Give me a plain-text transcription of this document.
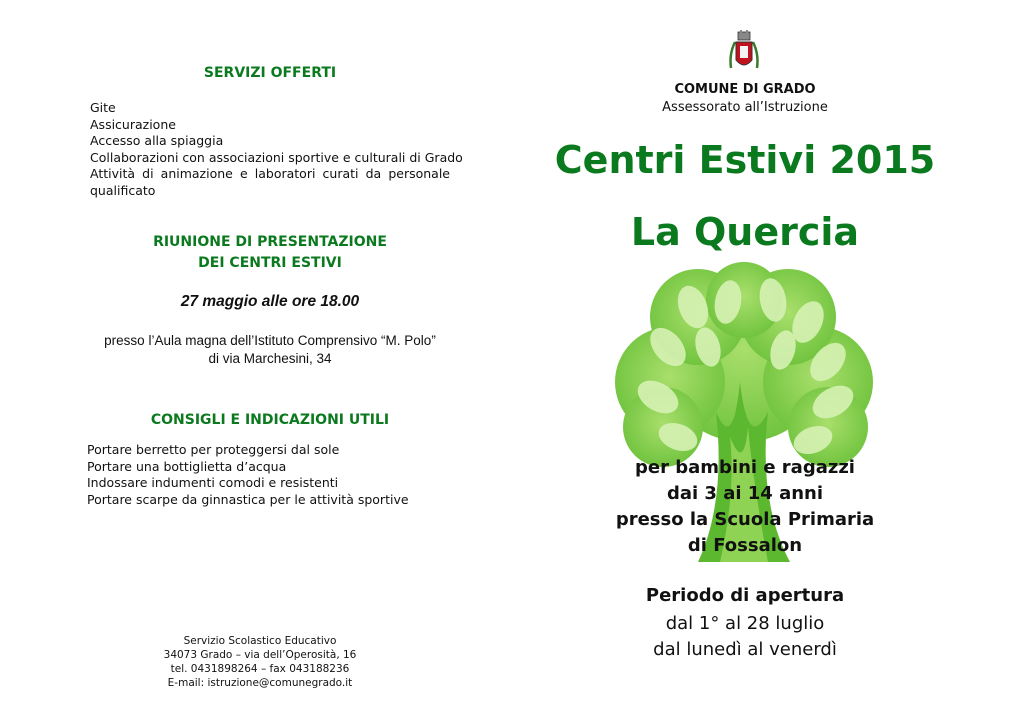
SERVIZI OFFERTI
Gite
Assicurazione
Accesso alla spiaggia
Collaborazioni con associazioni sportive e culturali di Grado
Attività di animazione e laboratori curati da personale qualificato
RIUNIONE DI PRESENTAZIONE
DEI CENTRI ESTIVI
27 maggio alle ore 18.00
presso l’Aula magna dell’Istituto Comprensivo “M. Polo”
di via Marchesini, 34
CONSIGLI E INDICAZIONI UTILI
Portare berretto per proteggersi dal sole
Portare una bottiglietta d’acqua
Indossare indumenti comodi e resistenti
Portare scarpe da ginnastica per le attività sportive
Servizio Scolastico Educativo
34073 Grado – via dell’Operosità, 16
tel. 0431898264 – fax 043188236
E-mail: istruzione@comunegrado.it
COMUNE DI GRADO
Assessorato all’Istruzione
Centri Estivi 2015
La Quercia
per bambini e ragazzi
dai 3 ai 14 anni
presso la Scuola Primaria
di Fossalon
Periodo di apertura
dal 1° al 28 luglio
dal lunedì al venerdì
